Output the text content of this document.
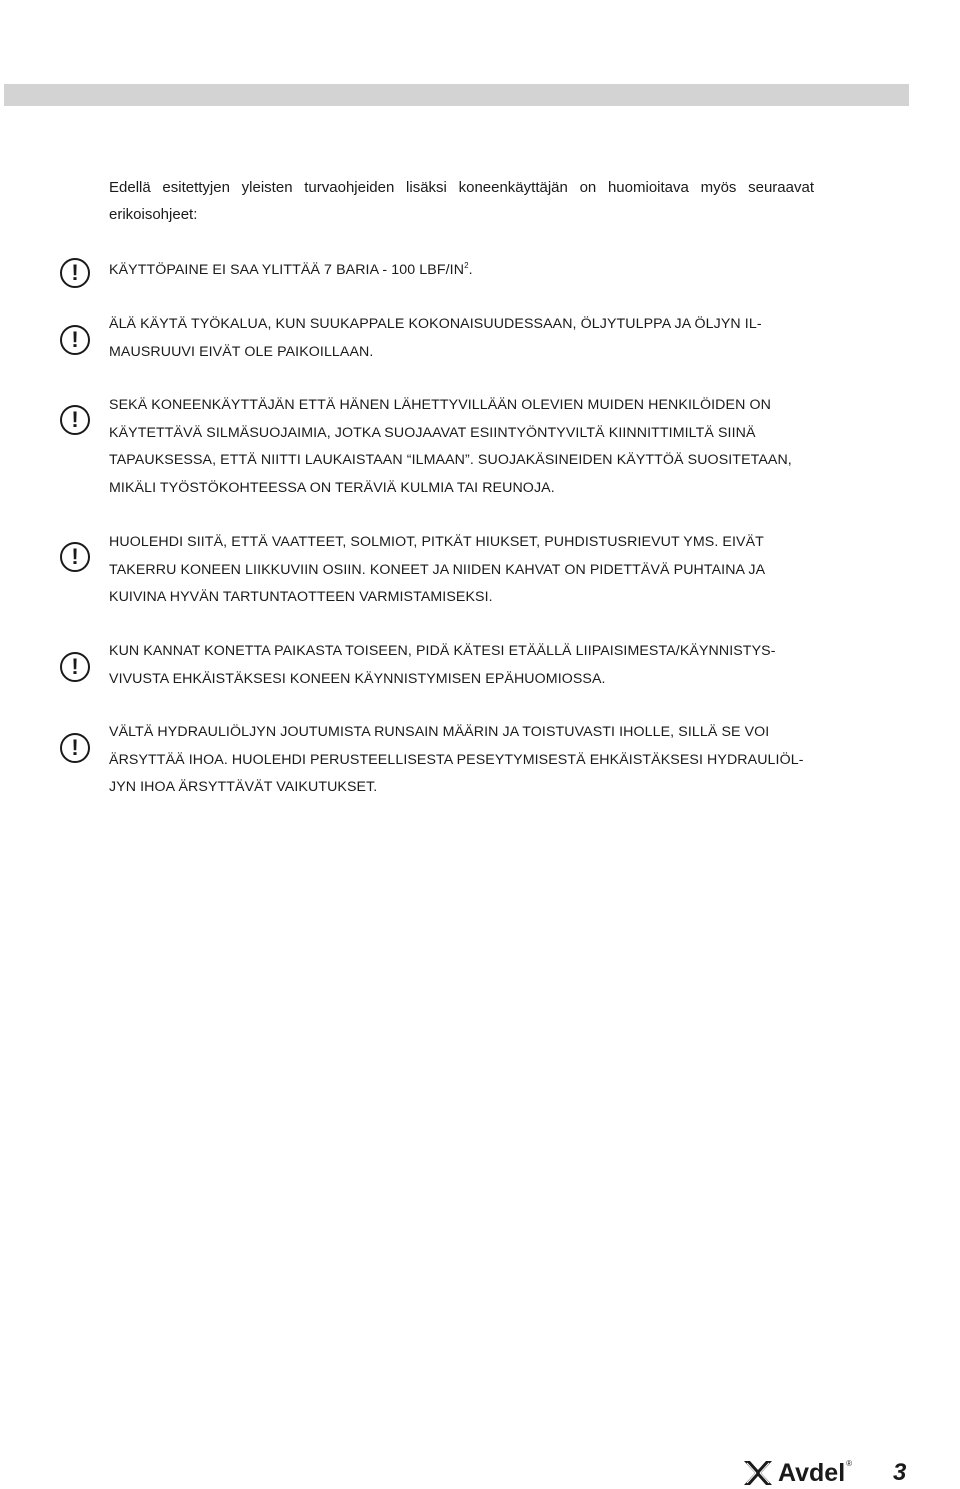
Edellä esitettyjen yleisten turvaohjeiden lisäksi koneenkäyttäjän on huomioitava myös seuraavat erikoisohjeet:

!	KÄYTTÖPAINE EI SAA YLITTÄÄ 7 BARIA - 100 LBF/$IN^2$.

!

ÄLÄ KÄYTÄ TYÖKALUA, KUN SUUKAPPALE KOKONAISUUDESSAAN, ÖLJYTULPPA JA ÖLJYN IL- MAUSRUUVI EIVÄT OLE PAIKOILLAAN.

!

SEKÄ KONEENKÄYTTÄJÄN ETTÄ HÄNEN LÄHETTYVILLÄÄN OLEVIEN MUIDEN HENKILÖIDEN ON KÄYTETTÄVÄ SILMÄSUOJAIMIA, JOTKA SUOJAAVAT ESIINTYÖNTYVILTÄ KIINNITTIMILTÄ SIINÄ TAPAUKSESSA, ETTÄ NIITTI LAUKAISTAAN “ILMAAN”. SUOJAKÄSINEIDEN KÄYTTÖÄ SUOSITETAAN, MIKÄLI TYÖSTÖKOHTEESSA ON TERÄVIÄ KULMIA TAI REUNOJA.

!

HUOLEHDI SIITÄ, ETTÄ VAATTEET, SOLMIOT, PITKÄT HIUKSET, PUHDISTUSRIEVUT YMS. EIVÄT TAKERRU KONEEN LIIKKUVIIN OSIIN. KONEET JA NIIDEN KAHVAT ON PIDETTÄVÄ PUHTAINA JA KUIVINA HYVÄN TARTUNTAOTTEEN VARMISTAMISEKSI.

!

KUN KANNAT KONETTA PAIKASTA TOISEEN, PIDÄ KÄTESI ETÄÄLLÄ LIIPAISIMESTA/KÄYNNISTYS- VIVUSTA EHKÄISTÄKSESI KONEEN KÄYNNISTYMISEN EPÄHUOMIOSSA.

!

VÄLTÄ HYDRAULIÖLJYN JOUTUMISTA RUNSAIN MÄÄRIN JA TOISTUVASTI IHOLLE, SILLÄ SE VOI ÄRSYTTÄÄ IHOA. HUOLEHDI PERUSTEELLISESTA PESEYTYMISESTÄ EHKÄISTÄKSESI HYDRAULIÖL- JYN IHOA ÄRSYTTÄVÄT VAIKUTUKSET.

Avdel ® 3
